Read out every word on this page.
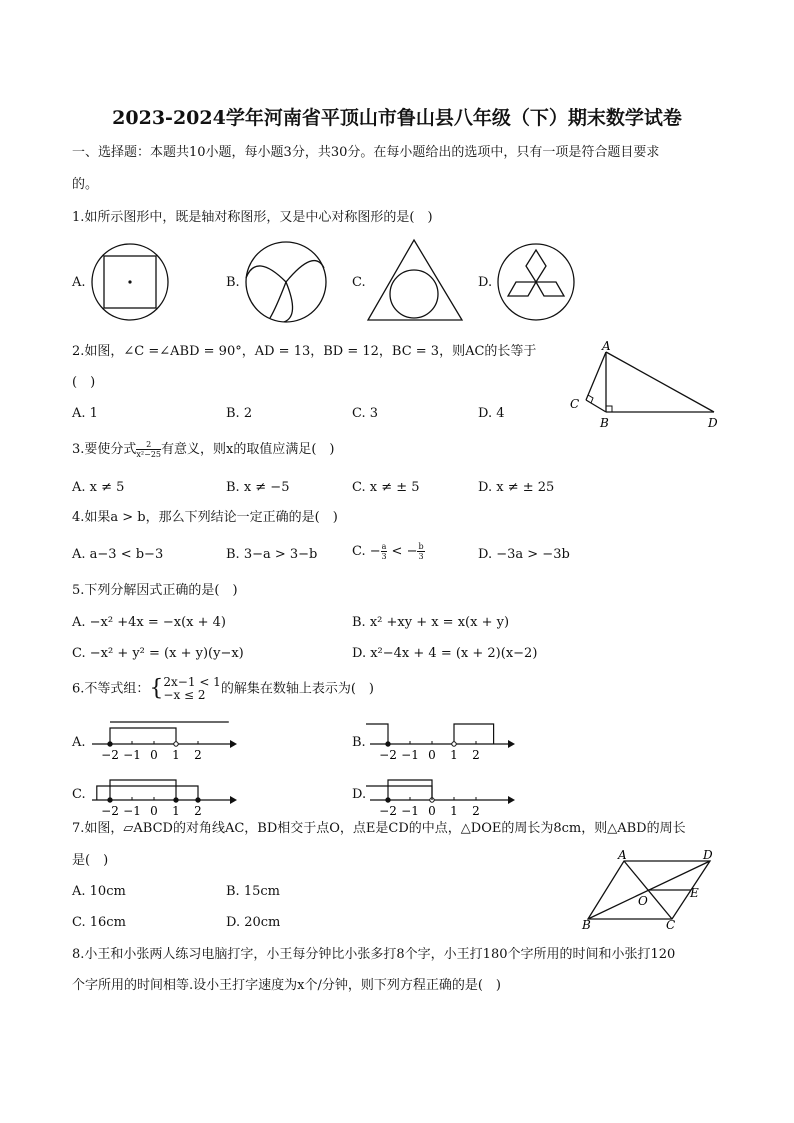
2023-2024学年河南省平顶山市鲁山县八年级（下）期末数学试卷
一、选择题：本题共10小题，每小题3分，共30分。在每小题给出的选项中，只有一项是符合题目要求
的。
1.如所示图形中，既是轴对称图形，又是中心对称图形的是(　)
A.	B.	C.	D.
2.如图，∠C =∠ABD = 90°，AD = 13，BD = 12，BC = 3，则AC的长等于
(　)
A. 1	B. 2	C. 3	D. 4
A
C
B	D
3.要使分式 $\frac{2}{\text{x²−25}}$ 有意义，则x的取值应满足(　)
A. x ≠ 5	B. x ≠ −5	C. x ≠ ± 5	D. x ≠ ± 25
4.如果a > b，那么下列结论一定正确的是(　)
A. a−3 < b−3	B. 3−a > 3−b	C. − $\frac{a}{3}$ < − $\frac{b}{3}$	D. −3a > −3b
5.下列分解因式正确的是(　)
A. −x² +4x = −x(x + 4)	B. x² +xy + x = x(x + y)
C. −x² + y² = (x + y)(y−x)	D. x²−4x + 4 = (x + 2)(x−2)
6.不等式组：{ 2x−1 < 1
−x ≤ 2	的解集在数轴上表示为(　)
A.	B.
C.	D.
−2 −1 0 1 2	−2 −1 0 1 2
−2 −1 0 1 2	−2 −1 0 1 2
7.如图，▱ABCD的对角线AC，BD相交于点O，点E是CD的中点，△DOE的周长为8cm，则△ABD的周长
是(　)
A. 10cm	B. 15cm
C. 16cm	D. 20cm
A	D
E
O
B	C
8.小王和小张两人练习电脑打字，小王每分钟比小张多打8个字，小王打180个字所用的时间和小张打120
个字所用的时间相等.设小王打字速度为x个/分钟，则下列方程正确的是(　)
